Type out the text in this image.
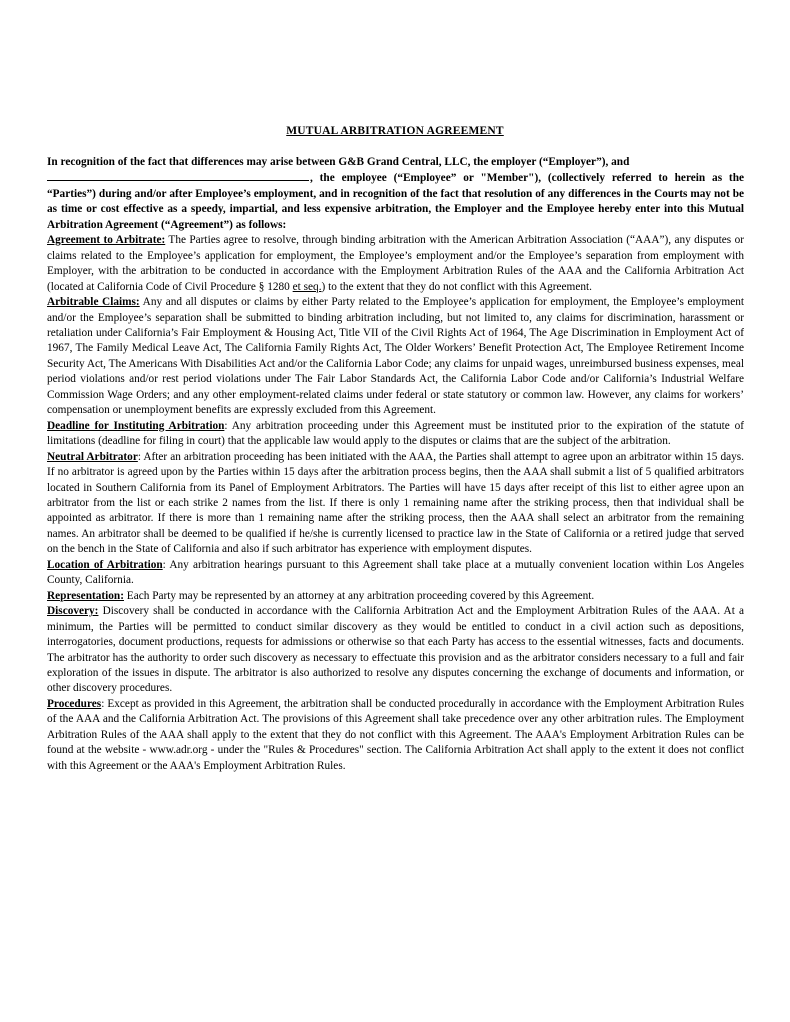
MUTUAL ARBITRATION AGREEMENT

In recognition of the fact that differences may arise between G&B Grand Central, LLC, the employer (“Employer”), and
, the employee (“Employee” or "Member"), (collectively referred to herein as the “Parties”) during and/or after Employee’s employment, and in recognition of the fact that resolution of any differences in the Courts may not be as time or cost effective as a speedy, impartial, and less expensive arbitration, the Employer and the Employee hereby enter into this Mutual Arbitration Agreement (“Agreement”) as follows:

Agreement to Arbitrate: The Parties agree to resolve, through binding arbitration with the American Arbitration Association (“AAA”), any disputes or claims related to the Employee’s application for employment, the Employee’s employment and/or the Employee’s separation from employment with Employer, with the arbitration to be conducted in accordance with the Employment Arbitration Rules of the AAA and the California Arbitration Act (located at California Code of Civil Procedure § 1280 et seq.) to the extent that they do not conflict with this Agreement.

Arbitrable Claims: Any and all disputes or claims by either Party related to the Employee’s application for employment, the Employee’s employment and/or the Employee’s separation shall be submitted to binding arbitration including, but not limited to, any claims for discrimination, harassment or retaliation under California’s Fair Employment & Housing Act, Title VII of the Civil Rights Act of 1964, The Age Discrimination in Employment Act of 1967, The Family Medical Leave Act, The California Family Rights Act, The Older Workers’ Benefit Protection Act, The Employee Retirement Income Security Act, The Americans With Disabilities Act and/or the California Labor Code; any claims for unpaid wages, unreimbursed business expenses, meal period violations and/or rest period violations under The Fair Labor Standards Act, the California Labor Code and/or California’s Industrial Welfare Commission Wage Orders; and any other employment-related claims under federal or state statutory or common law. However, any claims for workers’ compensation or unemployment benefits are expressly excluded from this Agreement.

Deadline for Instituting Arbitration: Any arbitration proceeding under this Agreement must be instituted prior to the expiration of the statute of limitations (deadline for filing in court) that the applicable law would apply to the disputes or claims that are the subject of the arbitration.

Neutral Arbitrator: After an arbitration proceeding has been initiated with the AAA, the Parties shall attempt to agree upon an arbitrator within 15 days. If no arbitrator is agreed upon by the Parties within 15 days after the arbitration process begins, then the AAA shall submit a list of 5 qualified arbitrators located in Southern California from its Panel of Employment Arbitrators. The Parties will have 15 days after receipt of this list to either agree upon an arbitrator from the list or each strike 2 names from the list. If there is only 1 remaining name after the striking process, then that individual shall be appointed as arbitrator. If there is more than 1 remaining name after the striking process, then the AAA shall select an arbitrator from the remaining names. An arbitrator shall be deemed to be qualified if he/she is currently licensed to practice law in the State of California or a retired judge that served on the bench in the State of California and also if such arbitrator has experience with employment disputes.

Location of Arbitration: Any arbitration hearings pursuant to this Agreement shall take place at a mutually convenient location within Los Angeles County, California.

Representation: Each Party may be represented by an attorney at any arbitration proceeding covered by this Agreement.

Discovery: Discovery shall be conducted in accordance with the California Arbitration Act and the Employment Arbitration Rules of the AAA. At a minimum, the Parties will be permitted to conduct similar discovery as they would be entitled to conduct in a civil action such as depositions, interrogatories, document productions, requests for admissions or otherwise so that each Party has access to the essential witnesses, facts and documents. The arbitrator has the authority to order such discovery as necessary to effectuate this provision and as the arbitrator considers necessary to a full and fair exploration of the issues in dispute. The arbitrator is also authorized to resolve any disputes concerning the exchange of documents and information, or other discovery procedures.

Procedures: Except as provided in this Agreement, the arbitration shall be conducted procedurally in accordance with the Employment Arbitration Rules of the AAA and the California Arbitration Act. The provisions of this Agreement shall take precedence over any other arbitration rules. The Employment Arbitration Rules of the AAA shall apply to the extent that they do not conflict with this Agreement. The AAA's Employment Arbitration Rules can be found at the website - www.adr.org - under the "Rules & Procedures" section. The California Arbitration Act shall apply to the extent it does not conflict with this Agreement or the AAA's Employment Arbitration Rules.
